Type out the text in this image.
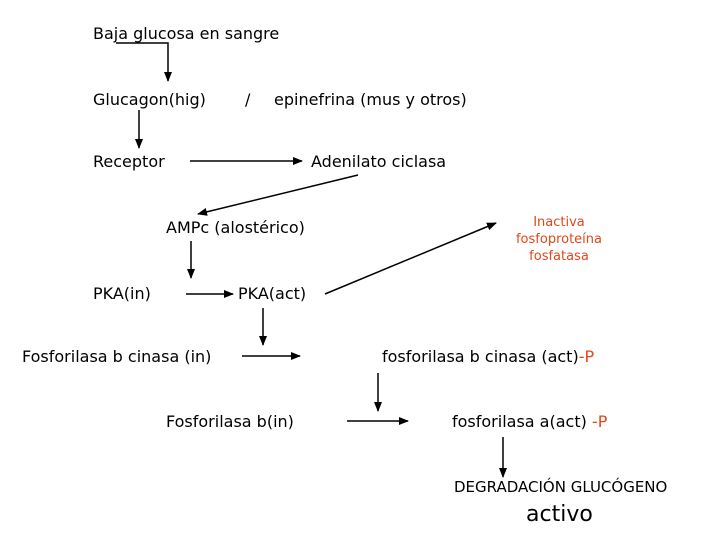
Baja glucosa en sangre
Glucagon(hig) / epinefrina (mus y otros)
Receptor	Adenilato ciclasa
AMPc (alostérico)	Inactiva
fosfoproteína
fosfatasa
PKA(in)	PKA(act)
Fosforilasa b cinasa (in)	fosforilasa b cinasa (act)-P
Fosforilasa b(in)	fosforilasa a(act) -P
DEGRADACIÓN GLUCÓGENO
activo
